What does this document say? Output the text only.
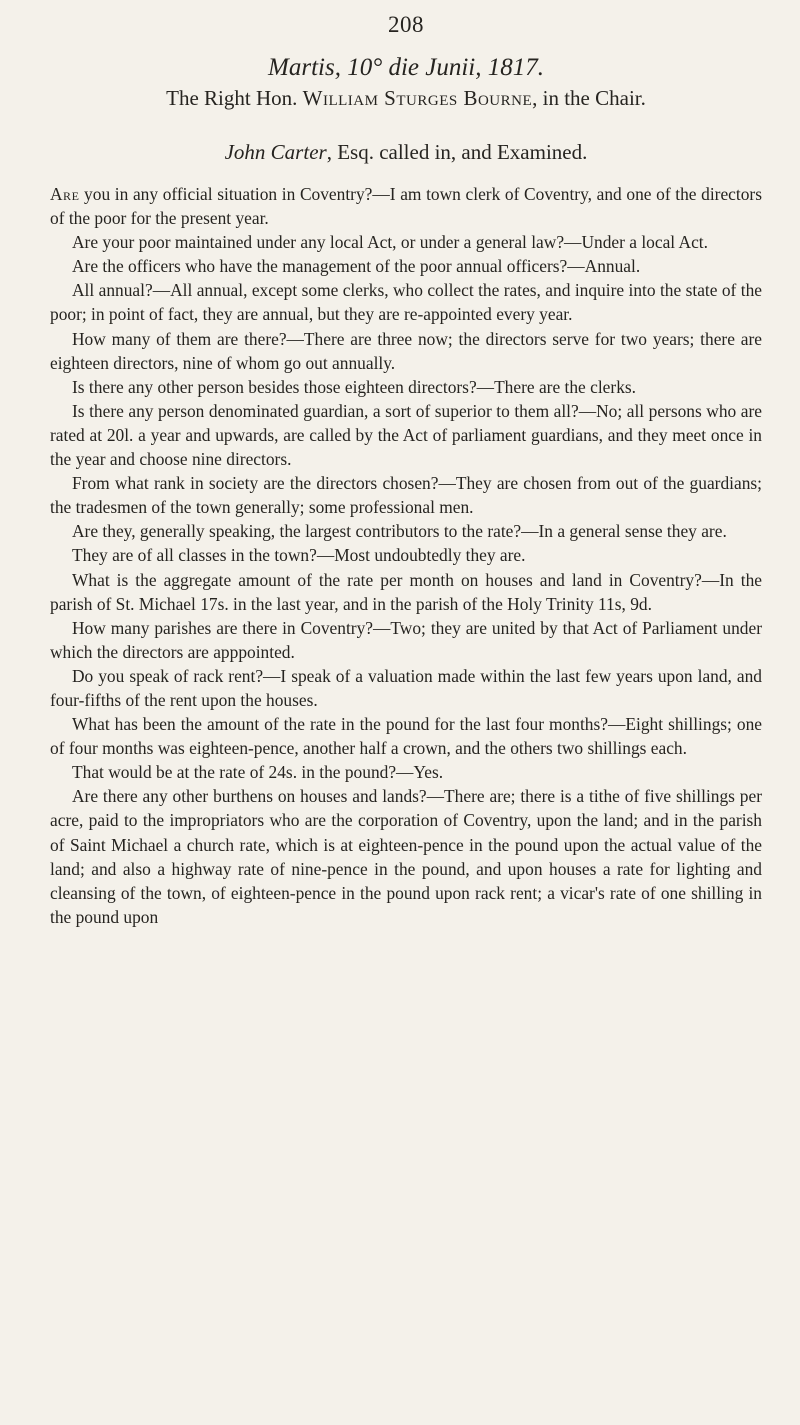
208
Martis, 10° die Junii, 1817.
The Right Hon. William Sturges Bourne, in the Chair.
John Carter, Esq. called in, and Examined.

Are you in any official situation in Coventry?—I am town clerk of Coventry, and one of the directors of the poor for the present year.

Are your poor maintained under any local Act, or under a general law?—Under a local Act.

Are the officers who have the management of the poor annual officers?—Annual.

All annual?—All annual, except some clerks, who collect the rates, and inquire into the state of the poor; in point of fact, they are annual, but they are re-appointed every year.

How many of them are there?—There are three now; the directors serve for two years; there are eighteen directors, nine of whom go out annually.

Is there any other person besides those eighteen directors?—There are the clerks.

Is there any person denominated guardian, a sort of superior to them all?—No; all persons who are rated at 20l. a year and upwards, are called by the Act of parliament guardians, and they meet once in the year and choose nine directors.

From what rank in society are the directors chosen?—They are chosen from out of the guardians; the tradesmen of the town generally; some professional men.

Are they, generally speaking, the largest contributors to the rate?—In a general sense they are.

They are of all classes in the town?—Most undoubtedly they are.

What is the aggregate amount of the rate per month on houses and land in Coventry?—In the parish of St. Michael 17s. in the last year, and in the parish of the Holy Trinity 11s, 9d.

How many parishes are there in Coventry?—Two; they are united by that Act of Parliament under which the directors are apppointed.

Do you speak of rack rent?—I speak of a valuation made within the last few years upon land, and four-fifths of the rent upon the houses.

What has been the amount of the rate in the pound for the last four months?—Eight shillings; one of four months was eighteen-pence, another half a crown, and the others two shillings each.

That would be at the rate of 24s. in the pound?—Yes.

Are there any other burthens on houses and lands?—There are; there is a tithe of five shillings per acre, paid to the impropriators who are the corporation of Coventry, upon the land; and in the parish of Saint Michael a church rate, which is at eighteen-pence in the pound upon the actual value of the land; and also a highway rate of nine-pence in the pound, and upon houses a rate for lighting and cleansing of the town, of eighteen-pence in the pound upon rack rent; a vicar's rate of one shilling in the pound upon
